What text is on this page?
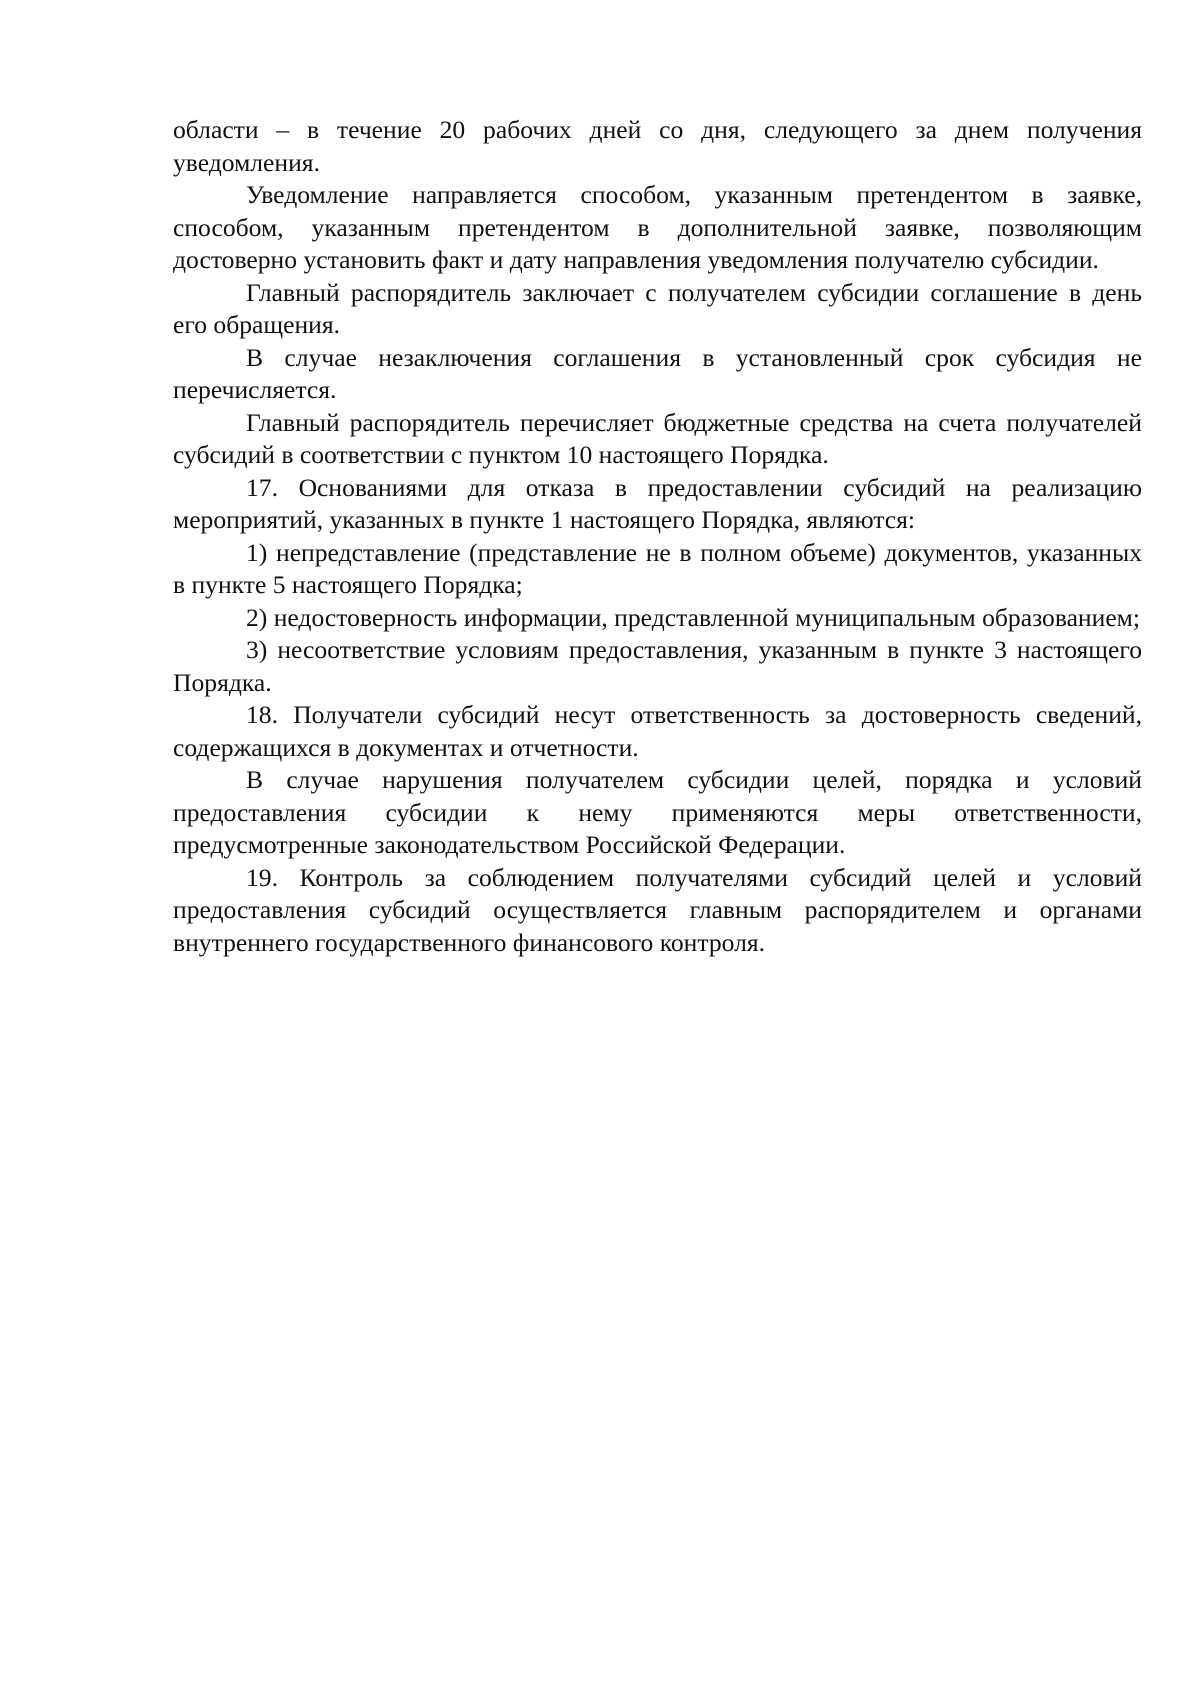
области – в течение 20 рабочих дней со дня, следующего за днем получения уведомления.

Уведомление направляется способом, указанным претендентом в заявке, способом, указанным претендентом в дополнительной заявке, позволяющим достоверно установить факт и дату направления уведомления получателю субсидии.

Главный распорядитель заключает с получателем субсидии соглашение в день его обращения.

В случае незаключения соглашения в установленный срок субсидия не перечисляется.

Главный распорядитель перечисляет бюджетные средства на счета получателей субсидий в соответствии с пунктом 10 настоящего Порядка.

17. Основаниями для отказа в предоставлении субсидий на реализацию мероприятий, указанных в пункте 1 настоящего Порядка, являются:

1) непредставление (представление не в полном объеме) документов, указанных в пункте 5 настоящего Порядка;

2) недостоверность информации, представленной муниципальным образованием;

3) несоответствие условиям предоставления, указанным в пункте 3 настоящего Порядка.

18. Получатели субсидий несут ответственность за достоверность сведений, содержащихся в документах и отчетности.

В случае нарушения получателем субсидии целей, порядка и условий предоставления субсидии к нему применяются меры ответственности, предусмотренные законодательством Российской Федерации.

19. Контроль за соблюдением получателями субсидий целей и условий предоставления субсидий осуществляется главным распорядителем и органами внутреннего государственного финансового контроля.
